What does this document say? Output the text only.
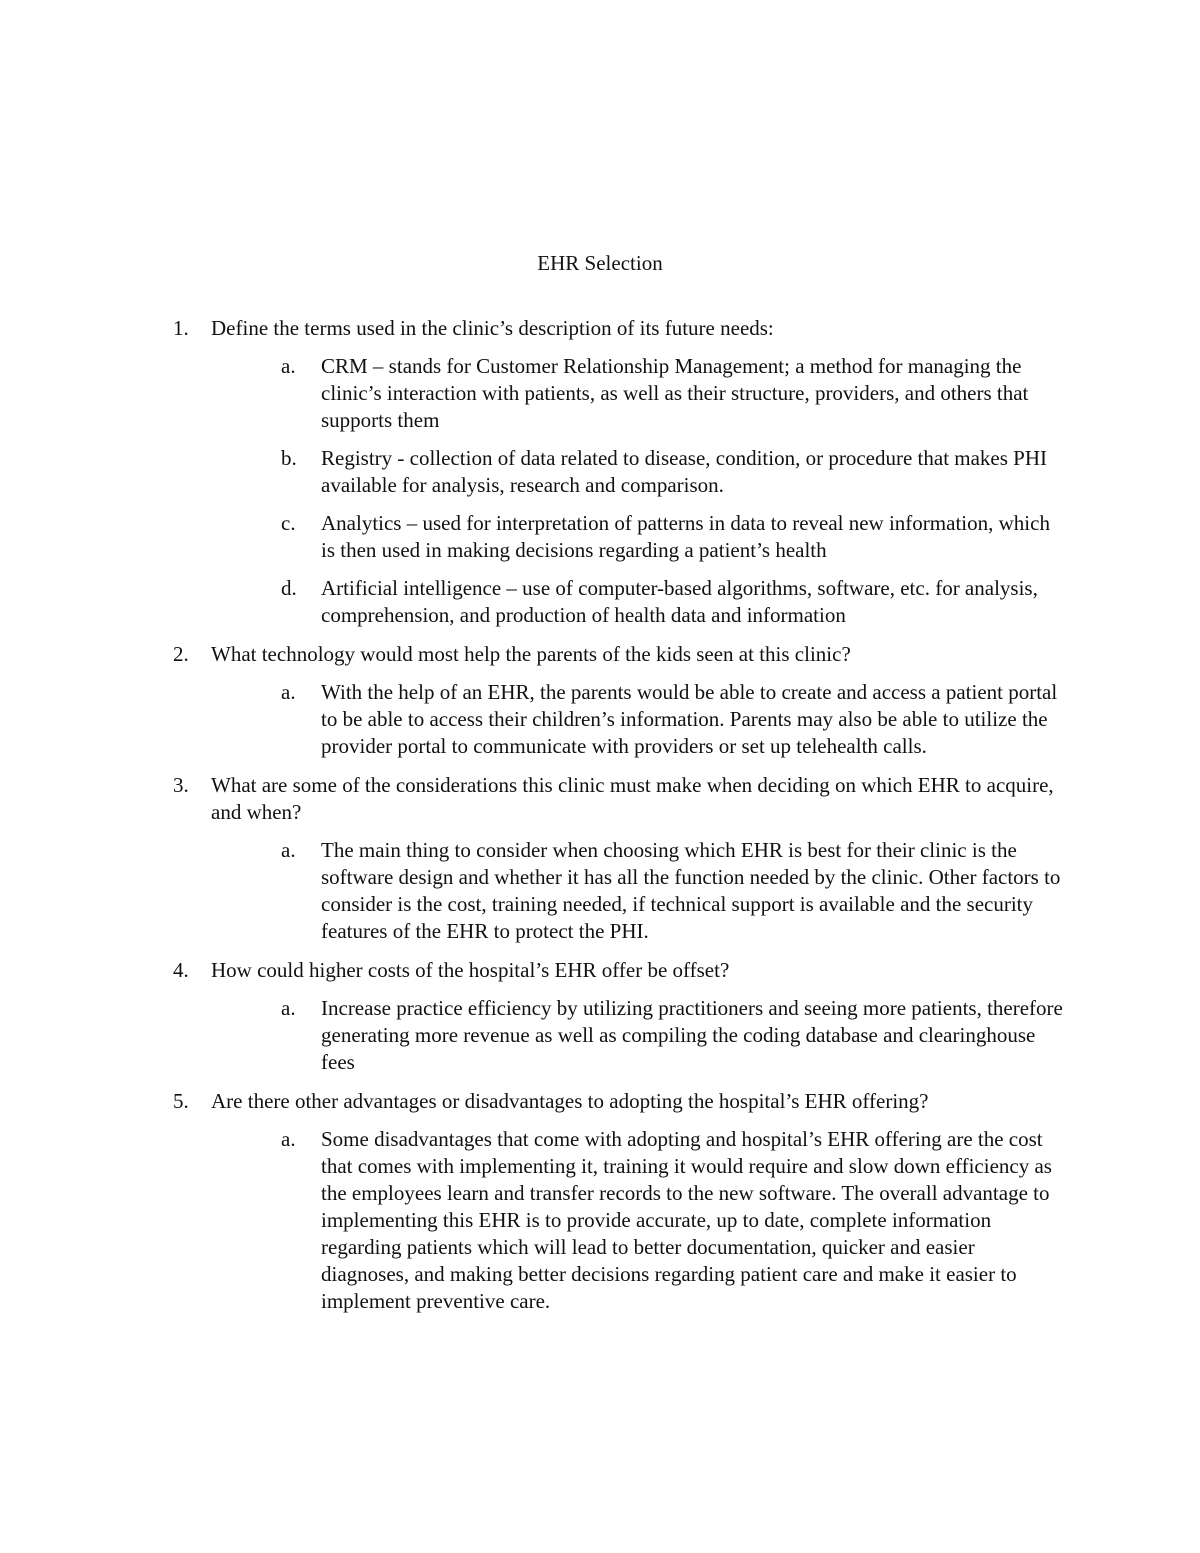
EHR Selection
1. Define the terms used in the clinic’s description of its future needs:
a. CRM – stands for Customer Relationship Management; a method for managing the clinic’s interaction with patients, as well as their structure, providers, and others that supports them
b. Registry - collection of data related to disease, condition, or procedure that makes PHI available for analysis, research and comparison.
c. Analytics – used for interpretation of patterns in data to reveal new information, which is then used in making decisions regarding a patient’s health
d. Artificial intelligence – use of computer-based algorithms, software, etc. for analysis, comprehension, and production of health data and information
2. What technology would most help the parents of the kids seen at this clinic?
a. With the help of an EHR, the parents would be able to create and access a patient portal to be able to access their children’s information. Parents may also be able to utilize the provider portal to communicate with providers or set up telehealth calls.
3. What are some of the considerations this clinic must make when deciding on which EHR to acquire, and when?
a. The main thing to consider when choosing which EHR is best for their clinic is the software design and whether it has all the function needed by the clinic. Other factors to consider is the cost, training needed, if technical support is available and the security features of the EHR to protect the PHI.
4. How could higher costs of the hospital’s EHR offer be offset?
a. Increase practice efficiency by utilizing practitioners and seeing more patients, therefore generating more revenue as well as compiling the coding database and clearinghouse fees
5. Are there other advantages or disadvantages to adopting the hospital’s EHR offering?
a. Some disadvantages that come with adopting and hospital’s EHR offering are the cost that comes with implementing it, training it would require and slow down efficiency as the employees learn and transfer records to the new software. The overall advantage to implementing this EHR is to provide accurate, up to date, complete information regarding patients which will lead to better documentation, quicker and easier diagnoses, and making better decisions regarding patient care and make it easier to implement preventive care.
